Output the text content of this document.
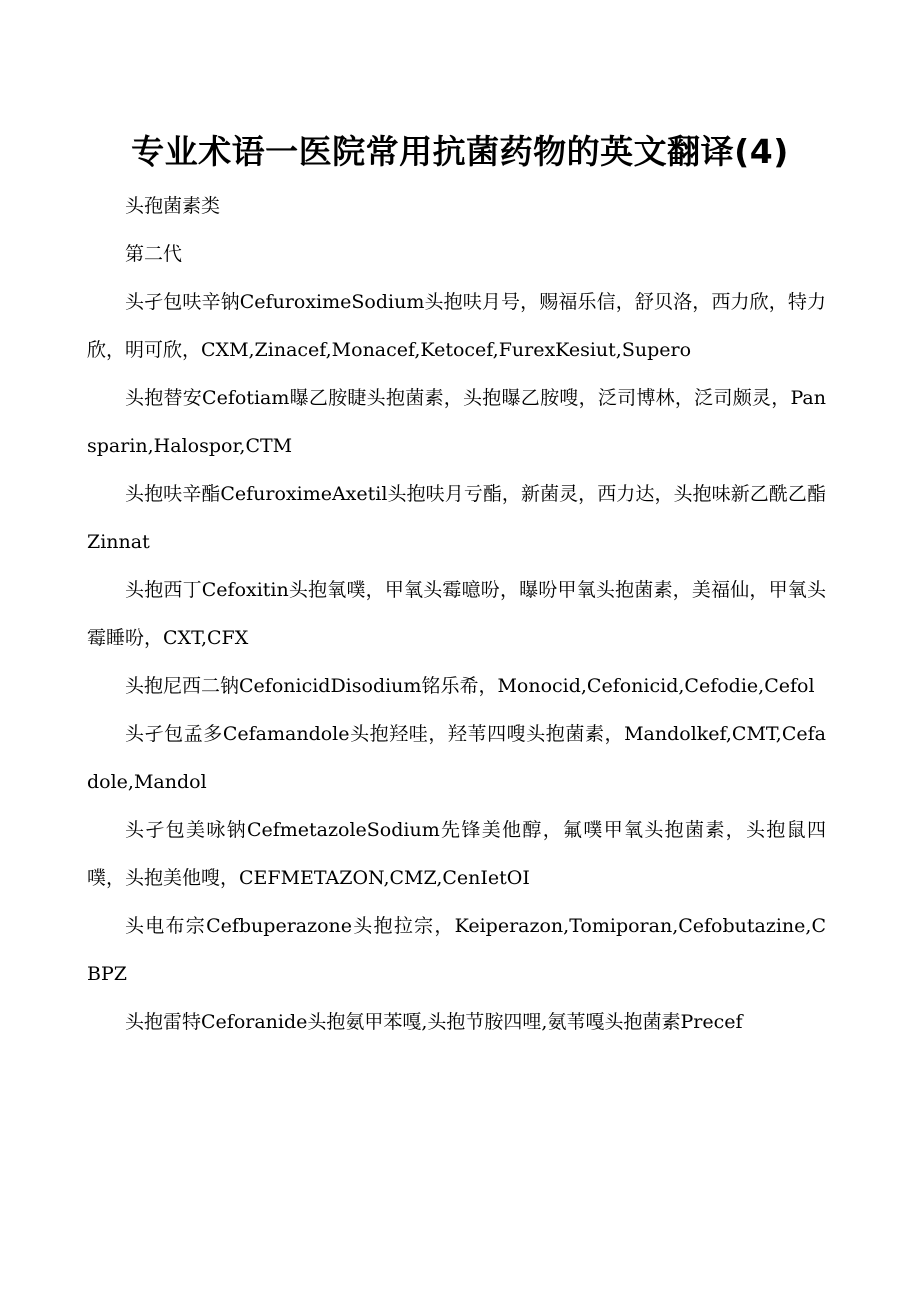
专业术语一医院常用抗菌药物的英文翻译(4)

头孢菌素类

第二代

头孑包呋辛钠CefuroximeSodium头抱呋月号，赐福乐信，舒贝洛，西力欣，特力欣，明可欣，CXM,Zinacef,Monacef,Ketocef,FurexKesiut,Supero

头抱替安Cefotiam曝乙胺睫头抱菌素，头抱曝乙胺嗖，泛司博林，泛司颇灵，Pansparin,Halospor,CTM

头抱呋辛酯CefuroximeAxetil头抱呋月亏酯，新菌灵，西力达，头抱味新乙酰乙酯Zinnat

头抱西丁Cefoxitin头抱氧噗，甲氧头霉噫吩，曝吩甲氧头抱菌素，美福仙，甲氧头霉睡吩，CXT,CFX

头抱尼西二钠CefonicidDisodium铭乐希，Monocid,Cefonicid,Cefodie,Cefol

头孑包孟多Cefamandole头抱羟哇，羟苇四嗖头抱菌素，Mandolkef,CMT,Cefadole,Mandol

头孑包美咏钠CefmetazoleSodium先锋美他醇，氟噗甲氧头抱菌素，头抱鼠四噗，头抱美他嗖，CEFMETAZON,CMZ,CenIetOI

头电布宗Cefbuperazone头抱拉宗，Keiperazon,Tomiporan,Cefobutazine,CBPZ

头抱雷特Ceforanide头抱氨甲苯嘎,头抱节胺四哩,氨苇嘎头抱菌素Precef
